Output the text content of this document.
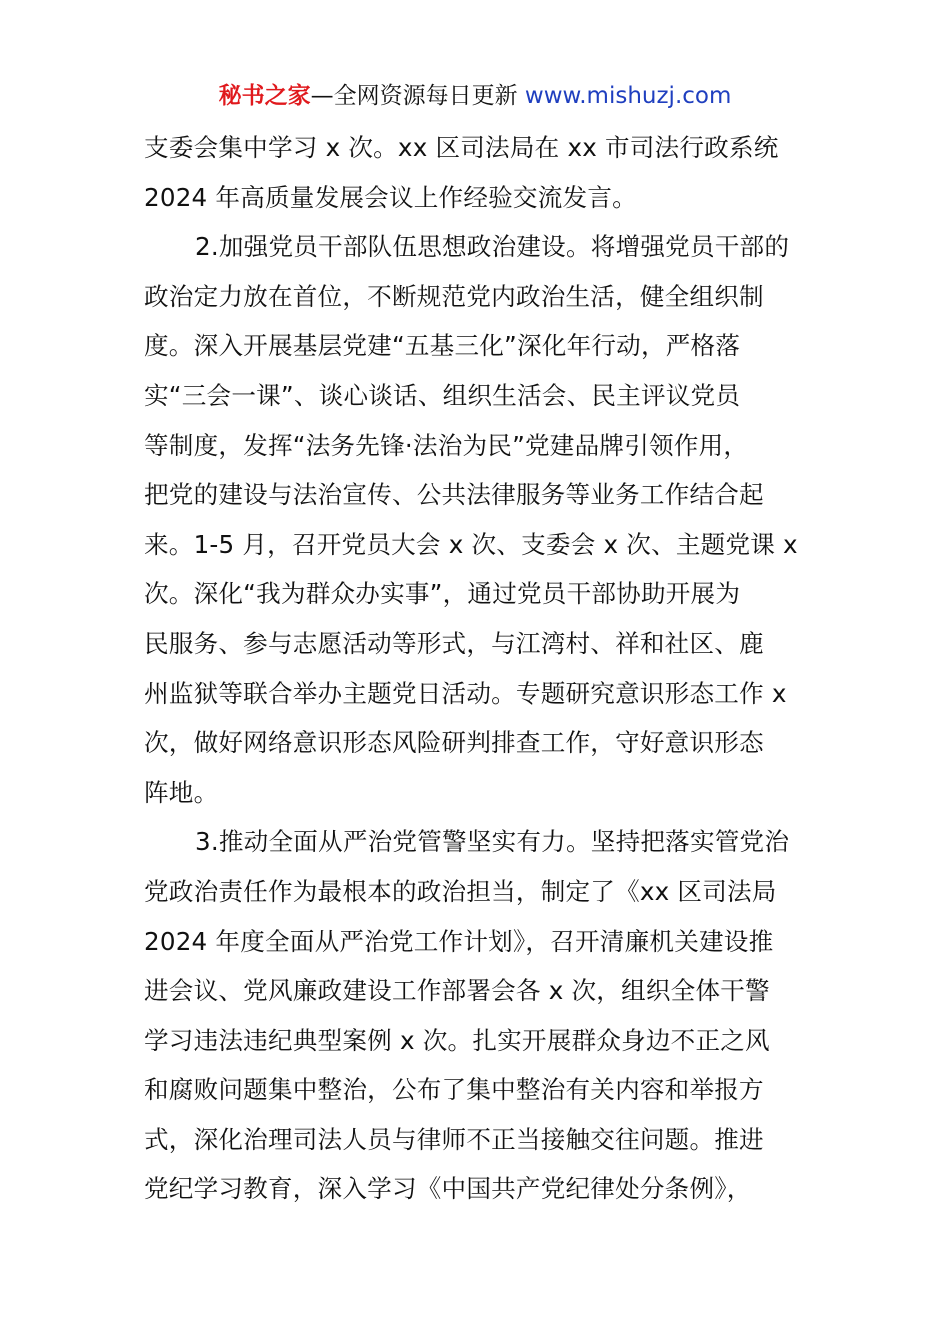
秘书之家—全网资源每日更新 www.mishuzj.com
支委会集中学习 x 次。xx 区司法局在 xx 市司法行政系统
2024 年高质量发展会议上作经验交流发言。
2.加强党员干部队伍思想政治建设。将增强党员干部的
政治定力放在首位，不断规范党内政治生活，健全组织制
度。深入开展基层党建“五基三化”深化年行动，严格落
实“三会一课”、谈心谈话、组织生活会、民主评议党员
等制度，发挥“法务先锋·法治为民”党建品牌引领作用，
把党的建设与法治宣传、公共法律服务等业务工作结合起
来。1-5 月，召开党员大会 x 次、支委会 x 次、主题党课 x
次。深化“我为群众办实事”，通过党员干部协助开展为
民服务、参与志愿活动等形式，与江湾村、祥和社区、鹿
州监狱等联合举办主题党日活动。专题研究意识形态工作 x
次，做好网络意识形态风险研判排查工作，守好意识形态
阵地。
3.推动全面从严治党管警坚实有力。坚持把落实管党治
党政治责任作为最根本的政治担当，制定了《xx 区司法局
2024 年度全面从严治党工作计划》，召开清廉机关建设推
进会议、党风廉政建设工作部署会各 x 次，组织全体干警
学习违法违纪典型案例 x 次。扎实开展群众身边不正之风
和腐败问题集中整治，公布了集中整治有关内容和举报方
式，深化治理司法人员与律师不正当接触交往问题。推进
党纪学习教育，深入学习《中国共产党纪律处分条例》，
